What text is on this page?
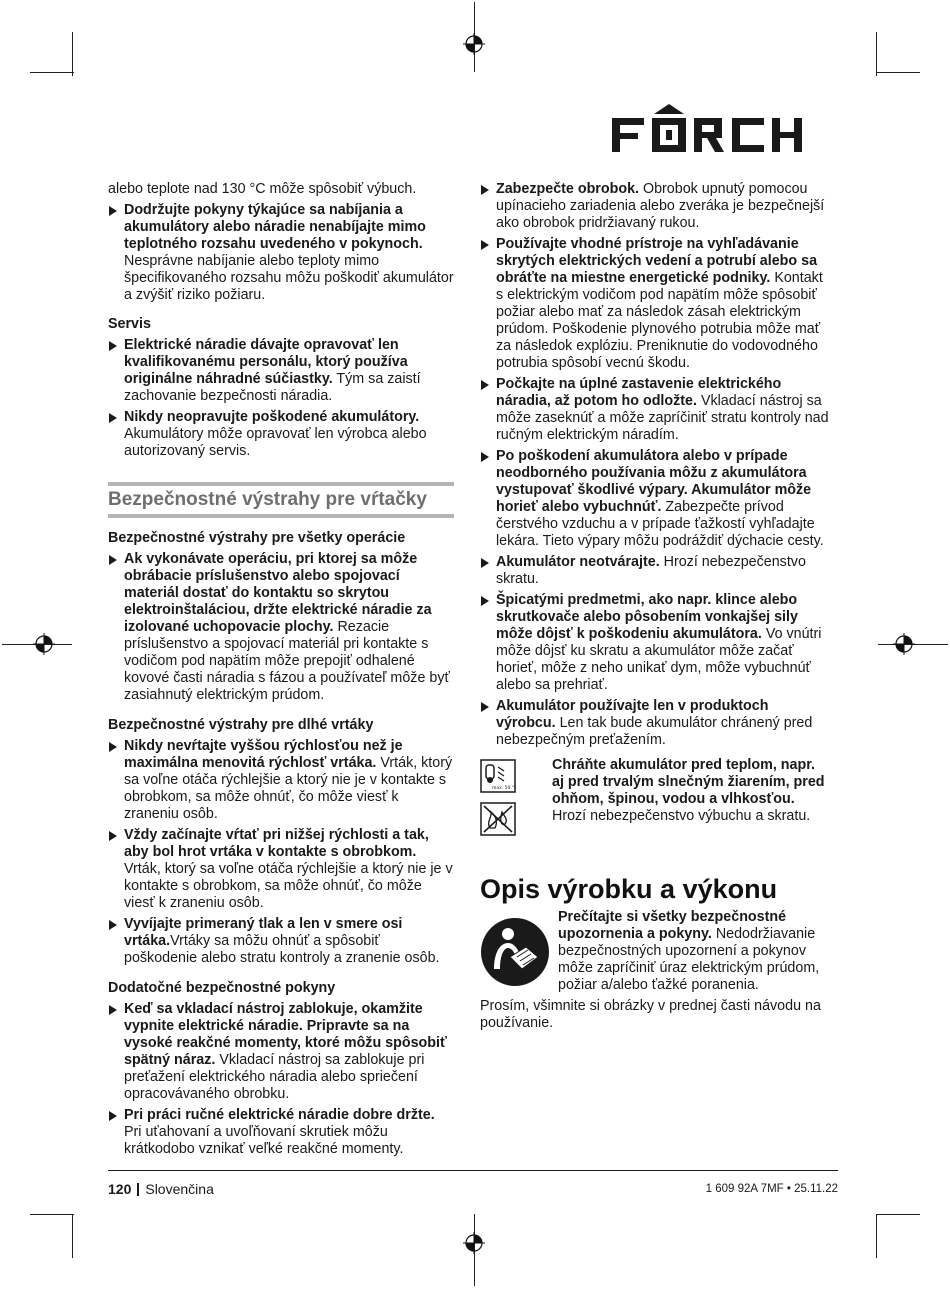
alebo teplote nad 130 °C môže spôsobiť výbuch.

Dodržujte pokyny týkajúce sa nabíjania a akumulátory alebo náradie nenabíjajte mimo teplotného rozsahu uvedeného v pokynoch. Nesprávne nabíjanie alebo teploty mimo špecifikovaného rozsahu môžu poškodiť akumulátor a zvýšiť riziko požiaru.
Servis
Elektrické náradie dávajte opravovať len kvalifikovanému personálu, ktorý používa originálne náhradné súčiastky. Tým sa zaistí zachovanie bezpečnosti náradia.
Nikdy neopravujte poškodené akumulátory. Akumulátory môže opravovať len výrobca alebo autorizovaný servis.
Bezpečnostné výstrahy pre vŕtačky
Bezpečnostné výstrahy pre všetky operácie
Ak vykonávate operáciu, pri ktorej sa môže obrábacie príslušenstvo alebo spojovací materiál dostať do kontaktu so skrytou elektroinštaláciou, držte elektrické náradie za izolované uchopovacie plochy. Rezacie príslušenstvo a spojovací materiál pri kontakte s vodičom pod napätím môže prepojiť odhalené kovové časti náradia s fázou a používateľ môže byť zasiahnutý elektrickým prúdom.
Bezpečnostné výstrahy pre dlhé vrtáky
Nikdy nevŕtajte vyššou rýchlosťou než je maximálna menovitá rýchlosť vrtáka. Vrták, ktorý sa voľne otáča rýchlejšie a ktorý nie je v kontakte s obrobkom, sa môže ohnúť, čo môže viesť k zraneniu osôb.
Vždy začínajte vŕtať pri nižšej rýchlosti a tak, aby bol hrot vrtáka v kontakte s obrobkom. Vrták, ktorý sa voľne otáča rýchlejšie a ktorý nie je v kontakte s obrobkom, sa môže ohnúť, čo môže viesť k zraneniu osôb.
Vyvíjajte primeraný tlak a len v smere osi vrtáka.Vrtáky sa môžu ohnúť a spôsobiť poškodenie alebo stratu kontroly a zranenie osôb.
Dodatočné bezpečnostné pokyny
Keď sa vkladací nástroj zablokuje, okamžite vypnite elektrické náradie. Pripravte sa na vysoké reakčné momenty, ktoré môžu spôsobiť spätný náraz. Vkladací nástroj sa zablokuje pri preťažení elektrického náradia alebo spriečení opracovávaného obrobku.
Pri práci ručné elektrické náradie dobre držte. Pri uťahovaní a uvoľňovaní skrutiek môžu krátkodobo vznikať veľké reakčné momenty.
Zabezpečte obrobok. Obrobok upnutý pomocou upínacieho zariadenia alebo zveráka je bezpečnejší ako obrobok pridržiavaný rukou.
Používajte vhodné prístroje na vyhľadávanie skrytých elektrických vedení a potrubí alebo sa obráťte na miestne energetické podniky. Kontakt s elektrickým vodičom pod napätím môže spôsobiť požiar alebo mať za následok zásah elektrickým prúdom. Poškodenie plynového potrubia môže mať za následok explóziu. Preniknutie do vodovodného potrubia spôsobí vecnú škodu.
Počkajte na úplné zastavenie elektrického náradia, až potom ho odložte. Vkladací nástroj sa môže zaseknúť a môže zapríčiniť stratu kontroly nad ručným elektrickým náradím.
Po poškodení akumulátora alebo v prípade neodborného používania môžu z akumulátora vystupovať škodlivé výpary. Akumulátor môže horieť alebo vybuchnúť. Zabezpečte prívod čerstvého vzduchu a v prípade ťažkostí vyhľadajte lekára. Tieto výpary môžu podráždiť dýchacie cesty.
Akumulátor neotvárajte. Hrozí nebezpečenstvo skratu.
Špicatými predmetmi, ako napr. klince alebo skrutkovače alebo pôsobením vonkajšej sily môže dôjsť k poškodeniu akumulátora. Vo vnútri môže dôjsť ku skratu a akumulátor môže začať horieť, môže z neho unikať dym, môže vybuchnúť alebo sa prehriať.
Akumulátor používajte len v produktoch výrobcu. Len tak bude akumulátor chránený pred nebezpečným preťažením.
max. 50 °C

Chráňte akumulátor pred teplom, napr. aj pred trvalým slnečným žiarením, pred ohňom, špinou, vodou a vlhkosťou. Hrozí nebezpečenstvo výbuchu a skratu.
Opis výrobku a výkonu
Prečítajte si všetky bezpečnostné upozornenia a pokyny. Nedodržiavanie bezpečnostných upozornení a pokynov môže zapríčiniť úraz elektrickým prúdom, požiar a/alebo ťažké poranenia.

Prosím, všimnite si obrázky v prednej časti návodu na používanie.

120 Slovenčina	1 609 92A 7MF • 25.11.22
